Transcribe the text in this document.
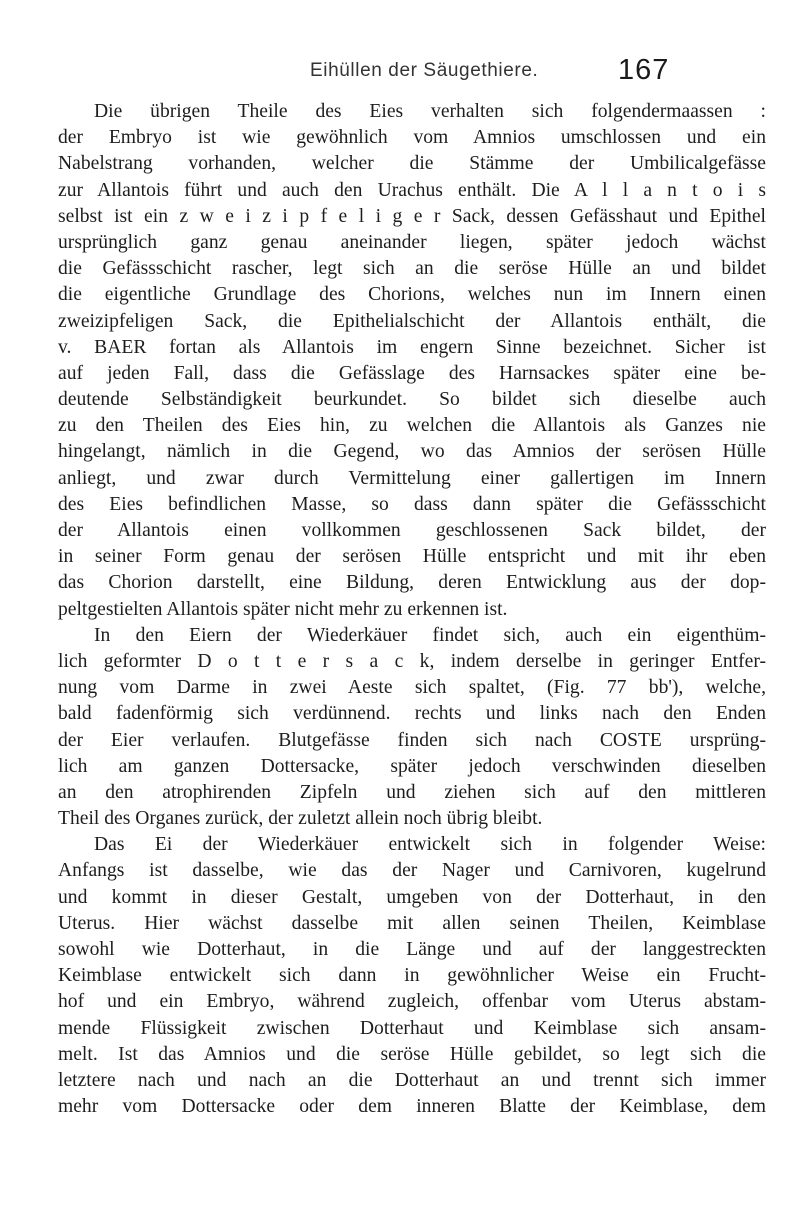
Eihüllen der Säugethiere.	167
Die übrigen Theile des Eies verhalten sich folgendermaassen :
der Embryo ist wie gewöhnlich vom Amnios umschlossen und ein
Nabelstrang vorhanden, welcher die Stämme der Umbilicalgefässe
zur Allantois führt und auch den Urachus enthält. Die A l l a n t o i s
selbst ist ein z w e i z i p f e l i g e r Sack, dessen Gefässhaut und Epithel
ursprünglich ganz genau aneinander liegen, später jedoch wächst
die Gefässschicht rascher, legt sich an die seröse Hülle an und bildet
die eigentliche Grundlage des Chorions, welches nun im Innern einen
zweizipfeligen Sack, die Epithelialschicht der Allantois enthält, die
v. BAER fortan als Allantois im engern Sinne bezeichnet. Sicher ist
auf jeden Fall, dass die Gefässlage des Harnsackes später eine be-
deutende Selbständigkeit beurkundet. So bildet sich dieselbe auch
zu den Theilen des Eies hin, zu welchen die Allantois als Ganzes nie
hingelangt, nämlich in die Gegend, wo das Amnios der serösen Hülle
anliegt, und zwar durch Vermittelung einer gallertigen im Innern
des Eies befindlichen Masse, so dass dann später die Gefässschicht
der Allantois einen vollkommen geschlossenen Sack bildet, der
in seiner Form genau der serösen Hülle entspricht und mit ihr eben
das Chorion darstellt, eine Bildung, deren Entwicklung aus der dop-
peltgestielten Allantois später nicht mehr zu erkennen ist.
In den Eiern der Wiederkäuer findet sich, auch ein eigenthüm-
lich geformter D o t t e r s a c k, indem derselbe in geringer Entfer-
nung vom Darme in zwei Aeste sich spaltet, (Fig. 77 bb'), welche,
bald fadenförmig sich verdünnend. rechts und links nach den Enden
der Eier verlaufen. Blutgefässe finden sich nach COSTE ursprüng-
lich am ganzen Dottersacke, später jedoch verschwinden dieselben
an den atrophirenden Zipfeln und ziehen sich auf den mittleren
Theil des Organes zurück, der zuletzt allein noch übrig bleibt.
Das Ei der Wiederkäuer entwickelt sich in folgender Weise:
Anfangs ist dasselbe, wie das der Nager und Carnivoren, kugelrund
und kommt in dieser Gestalt, umgeben von der Dotterhaut, in den
Uterus. Hier wächst dasselbe mit allen seinen Theilen, Keimblase
sowohl wie Dotterhaut, in die Länge und auf der langgestreckten
Keimblase entwickelt sich dann in gewöhnlicher Weise ein Frucht-
hof und ein Embryo, während zugleich, offenbar vom Uterus abstam-
mende Flüssigkeit zwischen Dotterhaut und Keimblase sich ansam-
melt. Ist das Amnios und die seröse Hülle gebildet, so legt sich die
letztere nach und nach an die Dotterhaut an und trennt sich immer
mehr vom Dottersacke oder dem inneren Blatte der Keimblase, dem
